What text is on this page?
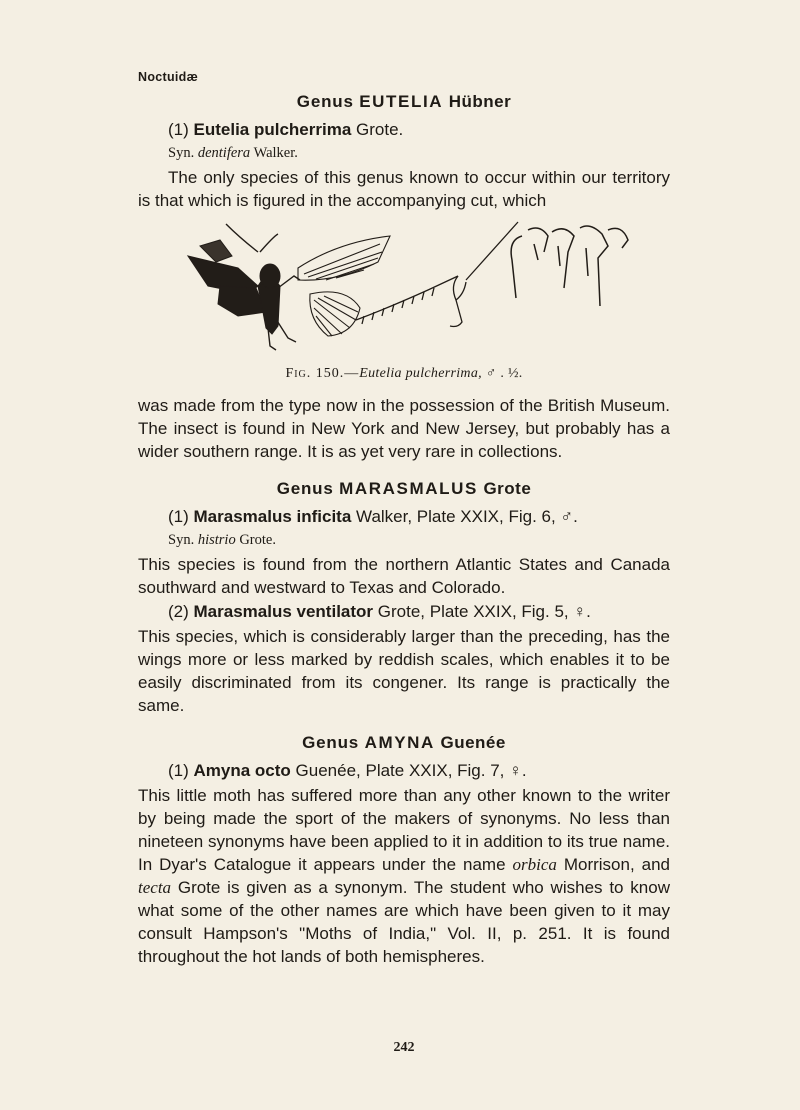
Noctuidæ
Genus EUTELIA Hübner
(1) Eutelia pulcherrima Grote.
Syn. dentifera Walker.

The only species of this genus known to occur within our territory is that which is figured in the accompanying cut, which

Fig. 150.—Eutelia pulcherrima, ♂ . ½.

was made from the type now in the possession of the British Museum. The insect is found in New York and New Jersey, but probably has a wider southern range. It is as yet very rare in collections.

Genus MARASMALUS Grote
(1) Marasmalus inficita Walker, Plate XXIX, Fig. 6, ♂.
Syn. histrio Grote.

This species is found from the northern Atlantic States and Canada southward and westward to Texas and Colorado.

(2) Marasmalus ventilator Grote, Plate XXIX, Fig. 5, ♀.

This species, which is considerably larger than the preceding, has the wings more or less marked by reddish scales, which enables it to be easily discriminated from its congener. Its range is practically the same.

Genus AMYNA Guenée
(1) Amyna octo Guenée, Plate XXIX, Fig. 7, ♀.

This little moth has suffered more than any other known to the writer by being made the sport of the makers of synonyms. No less than nineteen synonyms have been applied to it in addition to its true name. In Dyar's Catalogue it appears under the name orbica Morrison, and tecta Grote is given as a synonym. The student who wishes to know what some of the other names are which have been given to it may consult Hampson's "Moths of India," Vol. II, p. 251. It is found throughout the hot lands of both hemispheres.

242
